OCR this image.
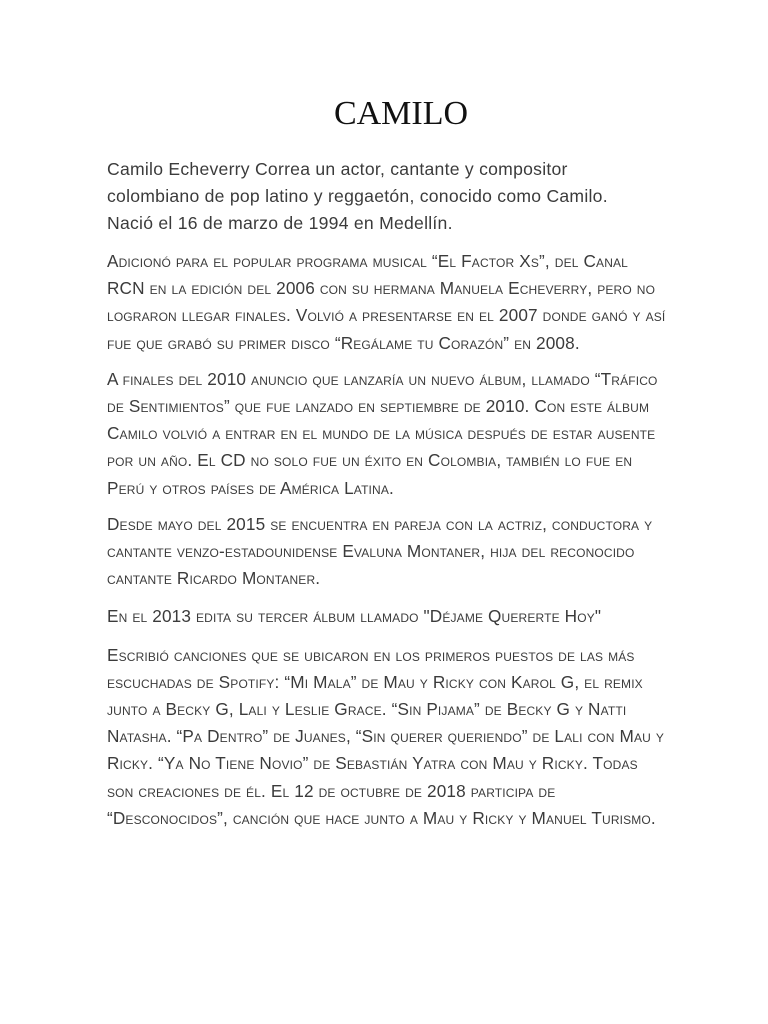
CAMILO

Camilo Echeverry Correa un actor, cantante y compositor colombiano de pop latino y reggaetón, conocido como Camilo. Nació el 16 de marzo de 1994 en Medellín.

Adicionó para el popular programa musical “El Factor Xs”, del Canal RCN en la edición del 2006 con su hermana Manuela Echeverry, pero no lograron llegar finales. Volvió a presentarse en el 2007 donde ganó y así fue que grabó su primer disco “Regálame tu Corazón” en 2008.

A finales del 2010 anuncio que lanzaría un nuevo álbum, llamado “Tráfico de Sentimientos” que fue lanzado en septiembre de 2010. Con este álbum Camilo volvió a entrar en el mundo de la música después de estar ausente por un año. El CD no solo fue un éxito en Colombia, también lo fue en Perú y otros países de América Latina.

Desde mayo del 2015 se encuentra en pareja con la actriz, conductora y cantante venzo-estadounidense Evaluna Montaner, hija del reconocido cantante Ricardo Montaner.

En el 2013 edita su tercer álbum llamado "Déjame Quererte Hoy"

Escribió canciones que se ubicaron en los primeros puestos de las más escuchadas de Spotify: “Mi Mala” de Mau y Ricky con Karol G, el remix junto a Becky G, Lali y Leslie Grace. “Sin Pijama” de Becky G y Natti Natasha. “Pa Dentro” de Juanes, “Sin querer queriendo” de Lali con Mau y Ricky. “Ya No Tiene Novio” de Sebastián Yatra con Mau y Ricky. Todas son creaciones de él. El 12 de octubre de 2018 participa de “Desconocidos”, canción que hace junto a Mau y Ricky y Manuel Turismo.
